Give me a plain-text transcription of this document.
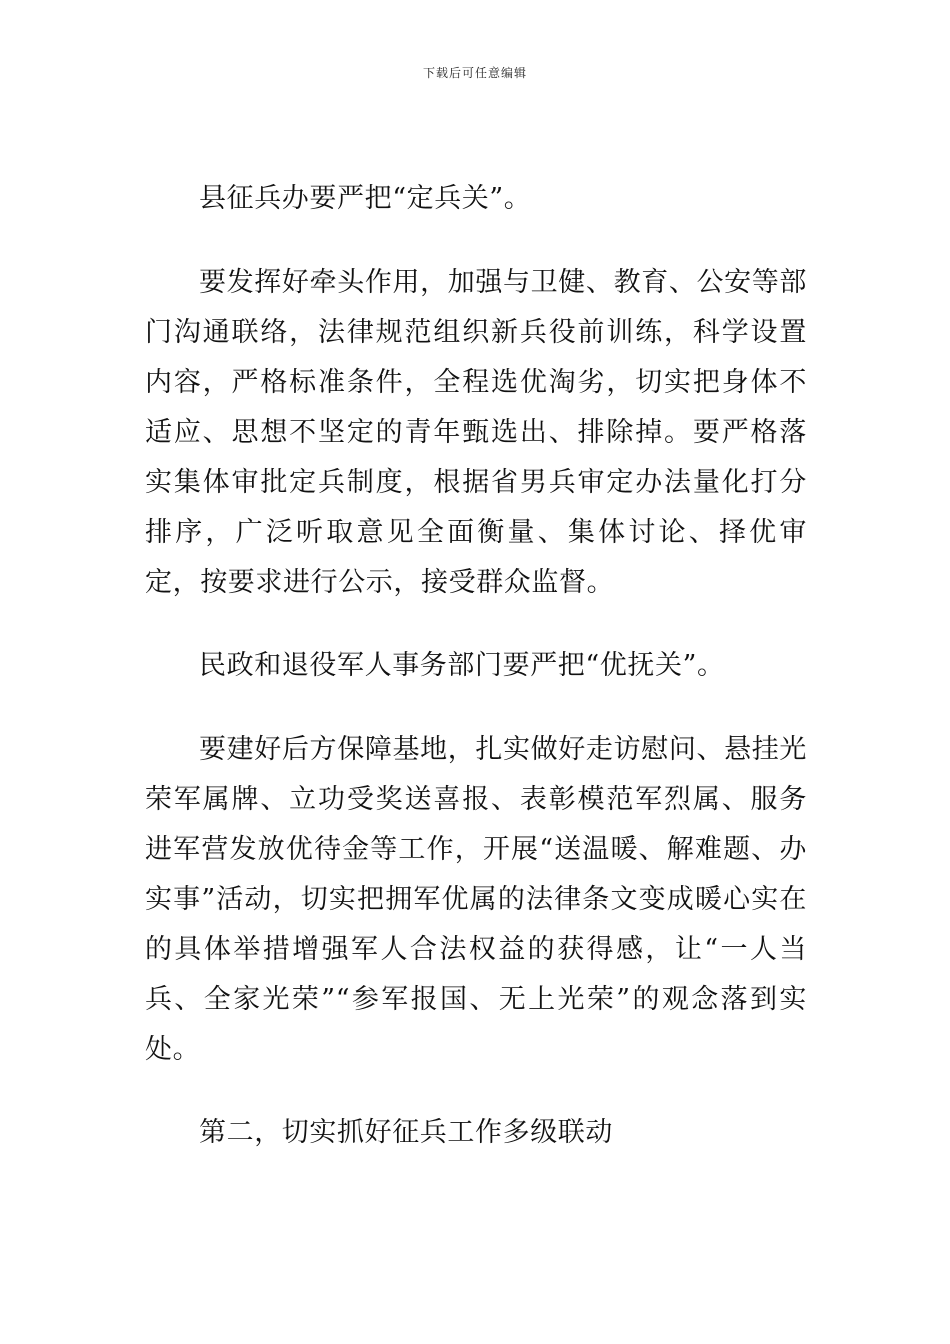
下载后可任意编辑

县征兵办要严把“定兵关”。

要发挥好牵头作用，加强与卫健、教育、公安等部门沟通联络，法律规范组织新兵役前训练，科学设置内容，严格标准条件，全程选优淘劣，切实把身体不适应、思想不坚定的青年甄选出、排除掉。要严格落实集体审批定兵制度，根据省男兵审定办法量化打分排序，广泛听取意见全面衡量、集体讨论、择优审定，按要求进行公示，接受群众监督。

民政和退役军人事务部门要严把“优抚关”。

要建好后方保障基地，扎实做好走访慰问、悬挂光荣军属牌、立功受奖送喜报、表彰模范军烈属、服务进军营发放优待金等工作，开展“送温暖、解难题、办实事”活动，切实把拥军优属的法律条文变成暖心实在的具体举措增强军人合法权益的获得感，让“一人当兵、全家光荣”“参军报国、无上光荣”的观念落到实处。

第二，切实抓好征兵工作多级联动
